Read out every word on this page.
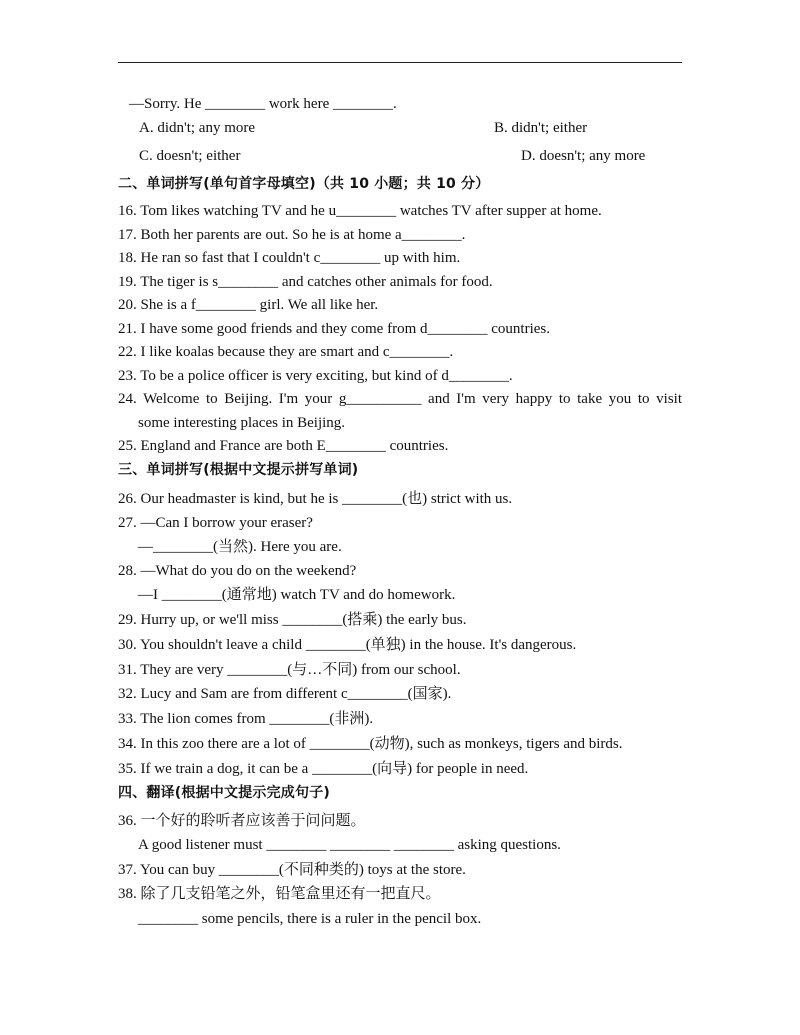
—Sorry. He ________ work here ________.
A. didn't; any more	B. didn't; either
C. doesn't; either	D. doesn't; any more
二、单词拼写(单句首字母填空)（共 10 小题；共 10 分）
16. Tom likes watching TV and he u________ watches TV after supper at home.
17. Both her parents are out. So he is at home a________.
18. He ran so fast that I couldn't c________ up with him.
19. The tiger is s________ and catches other animals for food.
20. She is a f________ girl. We all like her.
21. I have some good friends and they come from d________ countries.
22. I like koalas because they are smart and c________.
23. To be a police officer is very exciting, but kind of d________.
24. Welcome to Beijing. I'm your g__________ and I'm very happy to take you to visit
some interesting places in Beijing.
25. England and France are both E________ countries.
三、单词拼写(根据中文提示拼写单词)
26. Our headmaster is kind, but he is ________(也) strict with us.
27. —Can I borrow your eraser?
—________(当然). Here you are.
28. —What do you do on the weekend?
—I ________(通常地) watch TV and do homework.
29. Hurry up, or we'll miss ________(搭乘) the early bus.
30. You shouldn't leave a child ________(单独) in the house. It's dangerous.
31. They are very ________(与…不同) from our school.
32. Lucy and Sam are from different c________(国家).
33. The lion comes from ________(非洲).
34. In this zoo there are a lot of ________(动物), such as monkeys, tigers and birds.
35. If we train a dog, it can be a ________(向导) for people in need.
四、翻译(根据中文提示完成句子)
36. 一个好的聆听者应该善于问问题。
A good listener must ________ ________ ________ asking questions.
37. You can buy ________(不同种类的) toys at the store.
38. 除了几支铅笔之外，铅笔盒里还有一把直尺。
________ some pencils, there is a ruler in the pencil box.
